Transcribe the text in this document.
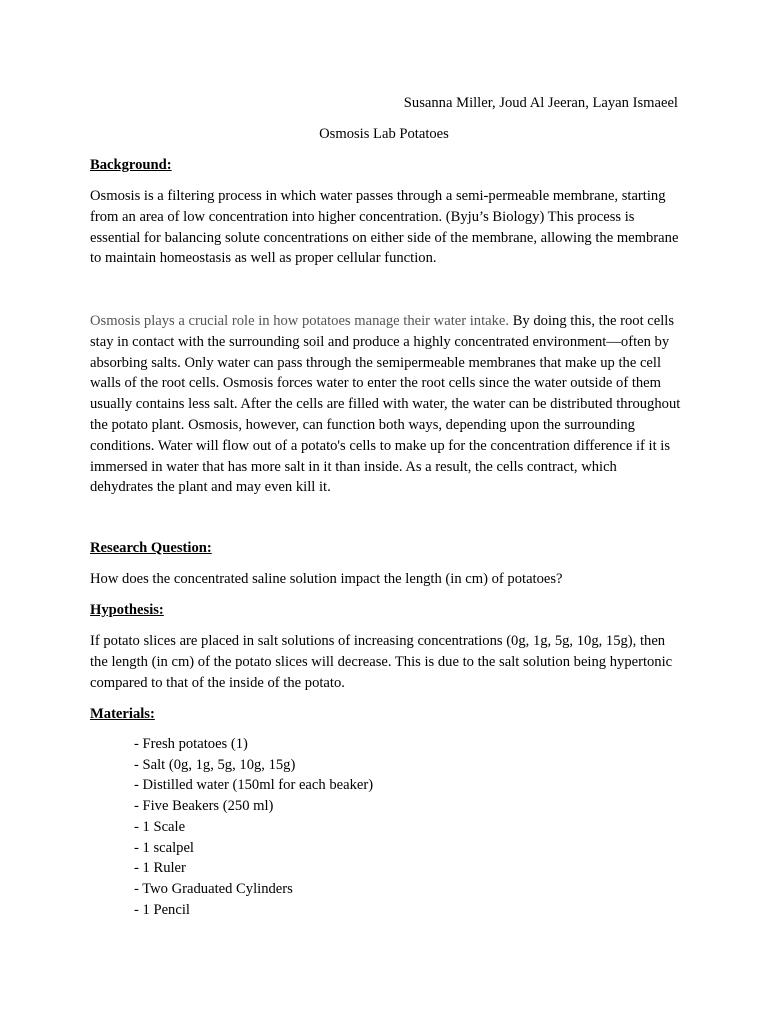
Susanna Miller, Joud Al Jeeran, Layan Ismaeel
Osmosis Lab Potatoes
Background:
Osmosis is a filtering process in which water passes through a semi-permeable membrane, starting from an area of low concentration into higher concentration. (Byju’s Biology) This process is essential for balancing solute concentrations on either side of the membrane, allowing the membrane to maintain homeostasis as well as proper cellular function.
Osmosis plays a crucial role in how potatoes manage their water intake. By doing this, the root cells stay in contact with the surrounding soil and produce a highly concentrated environment—often by absorbing salts. Only water can pass through the semipermeable membranes that make up the cell walls of the root cells. Osmosis forces water to enter the root cells since the water outside of them usually contains less salt. After the cells are filled with water, the water can be distributed throughout the potato plant. Osmosis, however, can function both ways, depending upon the surrounding conditions. Water will flow out of a potato's cells to make up for the concentration difference if it is immersed in water that has more salt in it than inside. As a result, the cells contract, which dehydrates the plant and may even kill it.
Research Question:
How does the concentrated saline solution impact the length (in cm) of potatoes?
Hypothesis:
If potato slices are placed in salt solutions of increasing concentrations (0g, 1g, 5g, 10g, 15g), then the length (in cm) of the potato slices will decrease. This is due to the salt solution being hypertonic compared to that of the inside of the potato.
Materials:
- Fresh potatoes (1)
- Salt (0g, 1g, 5g, 10g, 15g)
- Distilled water (150ml for each beaker)
- Five Beakers (250 ml)
- 1 Scale
- 1 scalpel
- 1 Ruler
- Two Graduated Cylinders
- 1 Pencil
